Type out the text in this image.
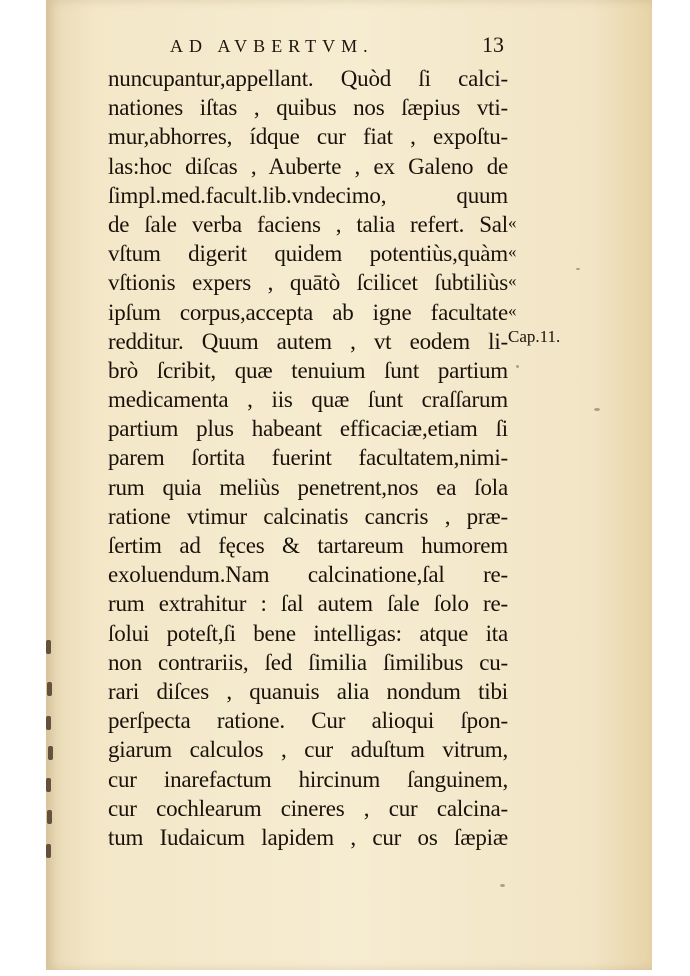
AD AVBERTVM.	13
nuncupantur,appellant. Quòd ſi calci-
nationes iſtas , quibus nos ſæpius vti-
mur,abhorres, ídque cur fiat , expoſtu-
las:hoc diſcas , Auberte , ex Galeno de
ſimpl.med.facult.lib.vndecimo, quum
de ſale verba faciens , talia refert. Sal
vſtum digerit quidem potentiùs,quàm
vſtionis expers , quātò ſcilicet ſubtiliùs
ipſum corpus,accepta ab igne facultate
redditur. Quum autem , vt eodem li-
brò ſcribit, quæ tenuium ſunt partium
medicamenta , iis quæ ſunt craſſarum
partium plus habeant efficaciæ,etiam ſi
parem ſortita fuerint facultatem,nimi-
rum quia meliùs penetrent,nos ea ſola
ratione vtimur calcinatis cancris , præ-
ſertim ad fęces & tartareum humorem
exoluendum.Nam calcinatione,ſal re-
rum extrahitur : ſal autem ſale ſolo re-
ſolui poteſt,ſi bene intelligas: atque ita
non contrariis, ſed ſimilia ſimilibus cu-
rari diſces , quanuis alia nondum tibi
perſpecta ratione. Cur alioqui ſpon-
giarum calculos , cur aduſtum vitrum,
cur inarefactum hircinum ſanguinem,
cur cochlearum cineres , cur calcina-
tum Iudaicum lapidem , cur os ſæpiæ
«
«
«
«
Cap.11.
